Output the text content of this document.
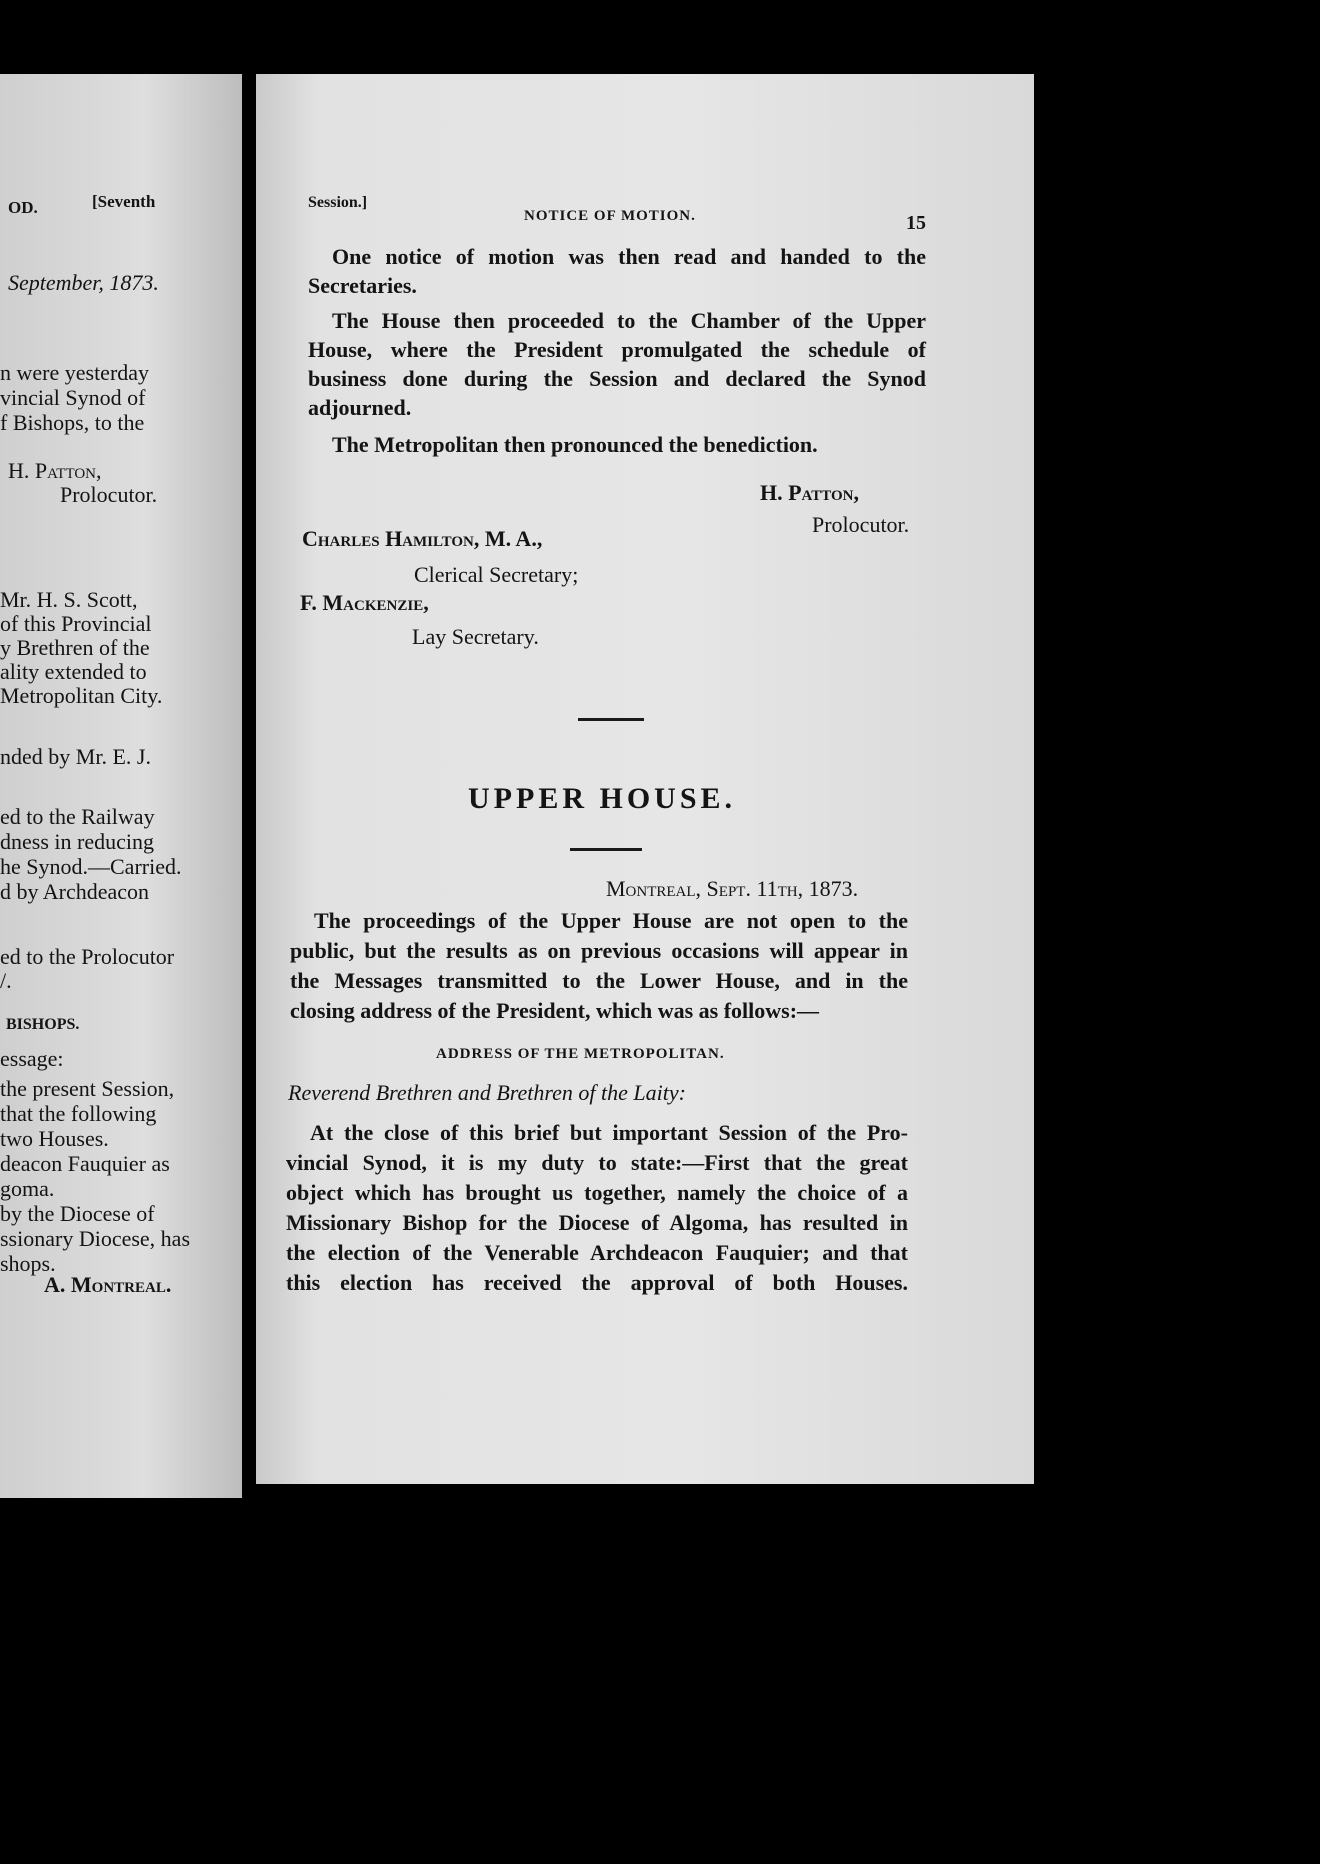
OD.	[Seventh
September, 1873.
n were yesterday
vincial Synod of
f Bishops, to the
H. Patton,
Prolocutor.
Mr. H. S. Scott,
of this Provincial
y Brethren of the
ality extended to
Metropolitan City.
nded by Mr. E. J.
ed to the Railway
dness in reducing
he Synod.—Carried.
d by Archdeacon
ed to the Prolocutor
/.
BISHOPS.
essage:
the present Session,
that the following
two Houses.
deacon Fauquier as
goma.
by the Diocese of
ssionary Diocese, has
shops.
A. Montreal.
Session.]
NOTICE OF MOTION.	15
One notice of motion was then read and handed to the
Secretaries.
The House then proceeded to the Chamber of the Upper
House, where the President promulgated the schedule of
business done during the Session and declared the Synod
adjourned.
The Metropolitan then pronounced the benediction.
H. Patton,
Prolocutor.
Charles Hamilton, M. A.,
Clerical Secretary;
F. Mackenzie,
Lay Secretary.
UPPER HOUSE.
Montreal, Sept. 11th, 1873.
The proceedings of the Upper House are not open to the
public, but the results as on previous occasions will appear in
the Messages transmitted to the Lower House, and in the
closing address of the President, which was as follows:—
ADDRESS OF THE METROPOLITAN.
Reverend Brethren and Brethren of the Laity:
At the close of this brief but important Session of the Pro-
vincial Synod, it is my duty to state:—First that the great
object which has brought us together, namely the choice of a
Missionary Bishop for the Diocese of Algoma, has resulted in
the election of the Venerable Archdeacon Fauquier; and that
this election has received the approval of both Houses.
